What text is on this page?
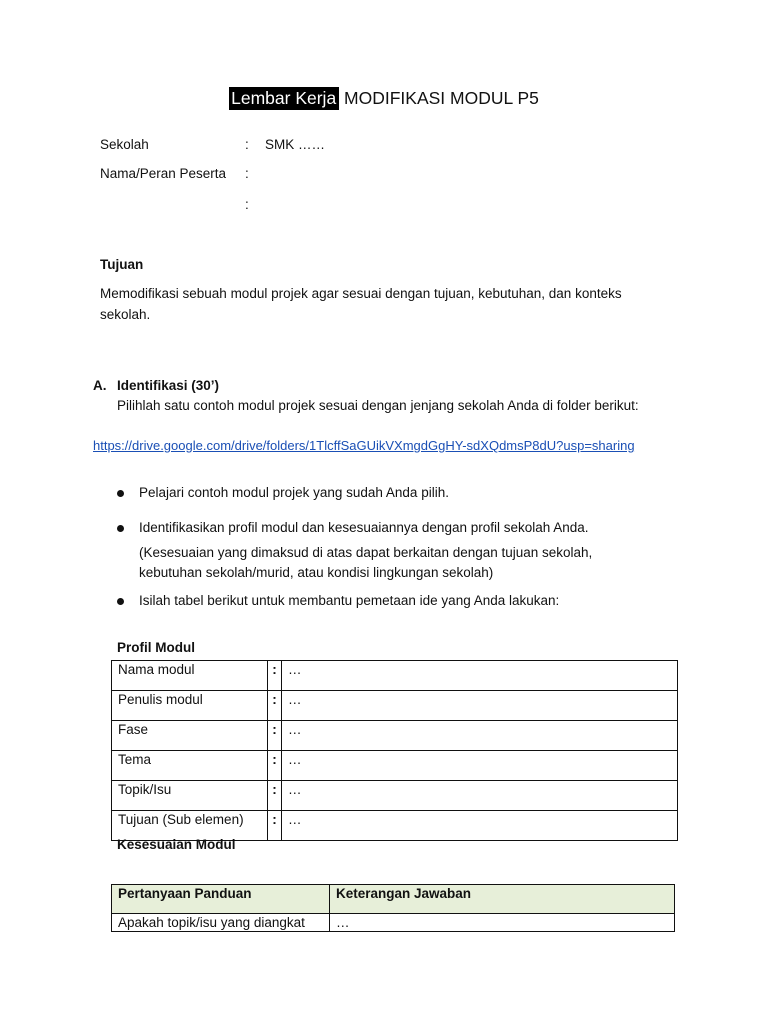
Lembar Kerja MODIFIKASI MODUL P5
Sekolah	: SMK ……
Nama/Peran Peserta :
:
Tujuan
Memodifikasi sebuah modul projek agar sesuai dengan tujuan, kebutuhan, dan konteks
sekolah.
A. Identifikasi (30’)
Pilihlah satu contoh modul projek sesuai dengan jenjang sekolah Anda di folder berikut:
https://drive.google.com/drive/folders/1TlcffSaGUikVXmgdGgHY-sdXQdmsP8dU?usp=sharing
Pelajari contoh modul projek yang sudah Anda pilih.
Identifikasikan profil modul dan kesesuaiannya dengan profil sekolah Anda.
(Kesesuaian yang dimaksud di atas dapat berkaitan dengan tujuan sekolah,
kebutuhan sekolah/murid, atau kondisi lingkungan sekolah)
Isilah tabel berikut untuk membantu pemetaan ide yang Anda lakukan:
Profil Modul
Nama modul	:	…
Penulis modul	:	…
Fase	:	…
Tema	:	…
Topik/Isu	:	…
Tujuan (Sub elemen)	:	…
Kesesuaian Modul
Pertanyaan Panduan	Keterangan Jawaban
Apakah topik/isu yang diangkat	…
